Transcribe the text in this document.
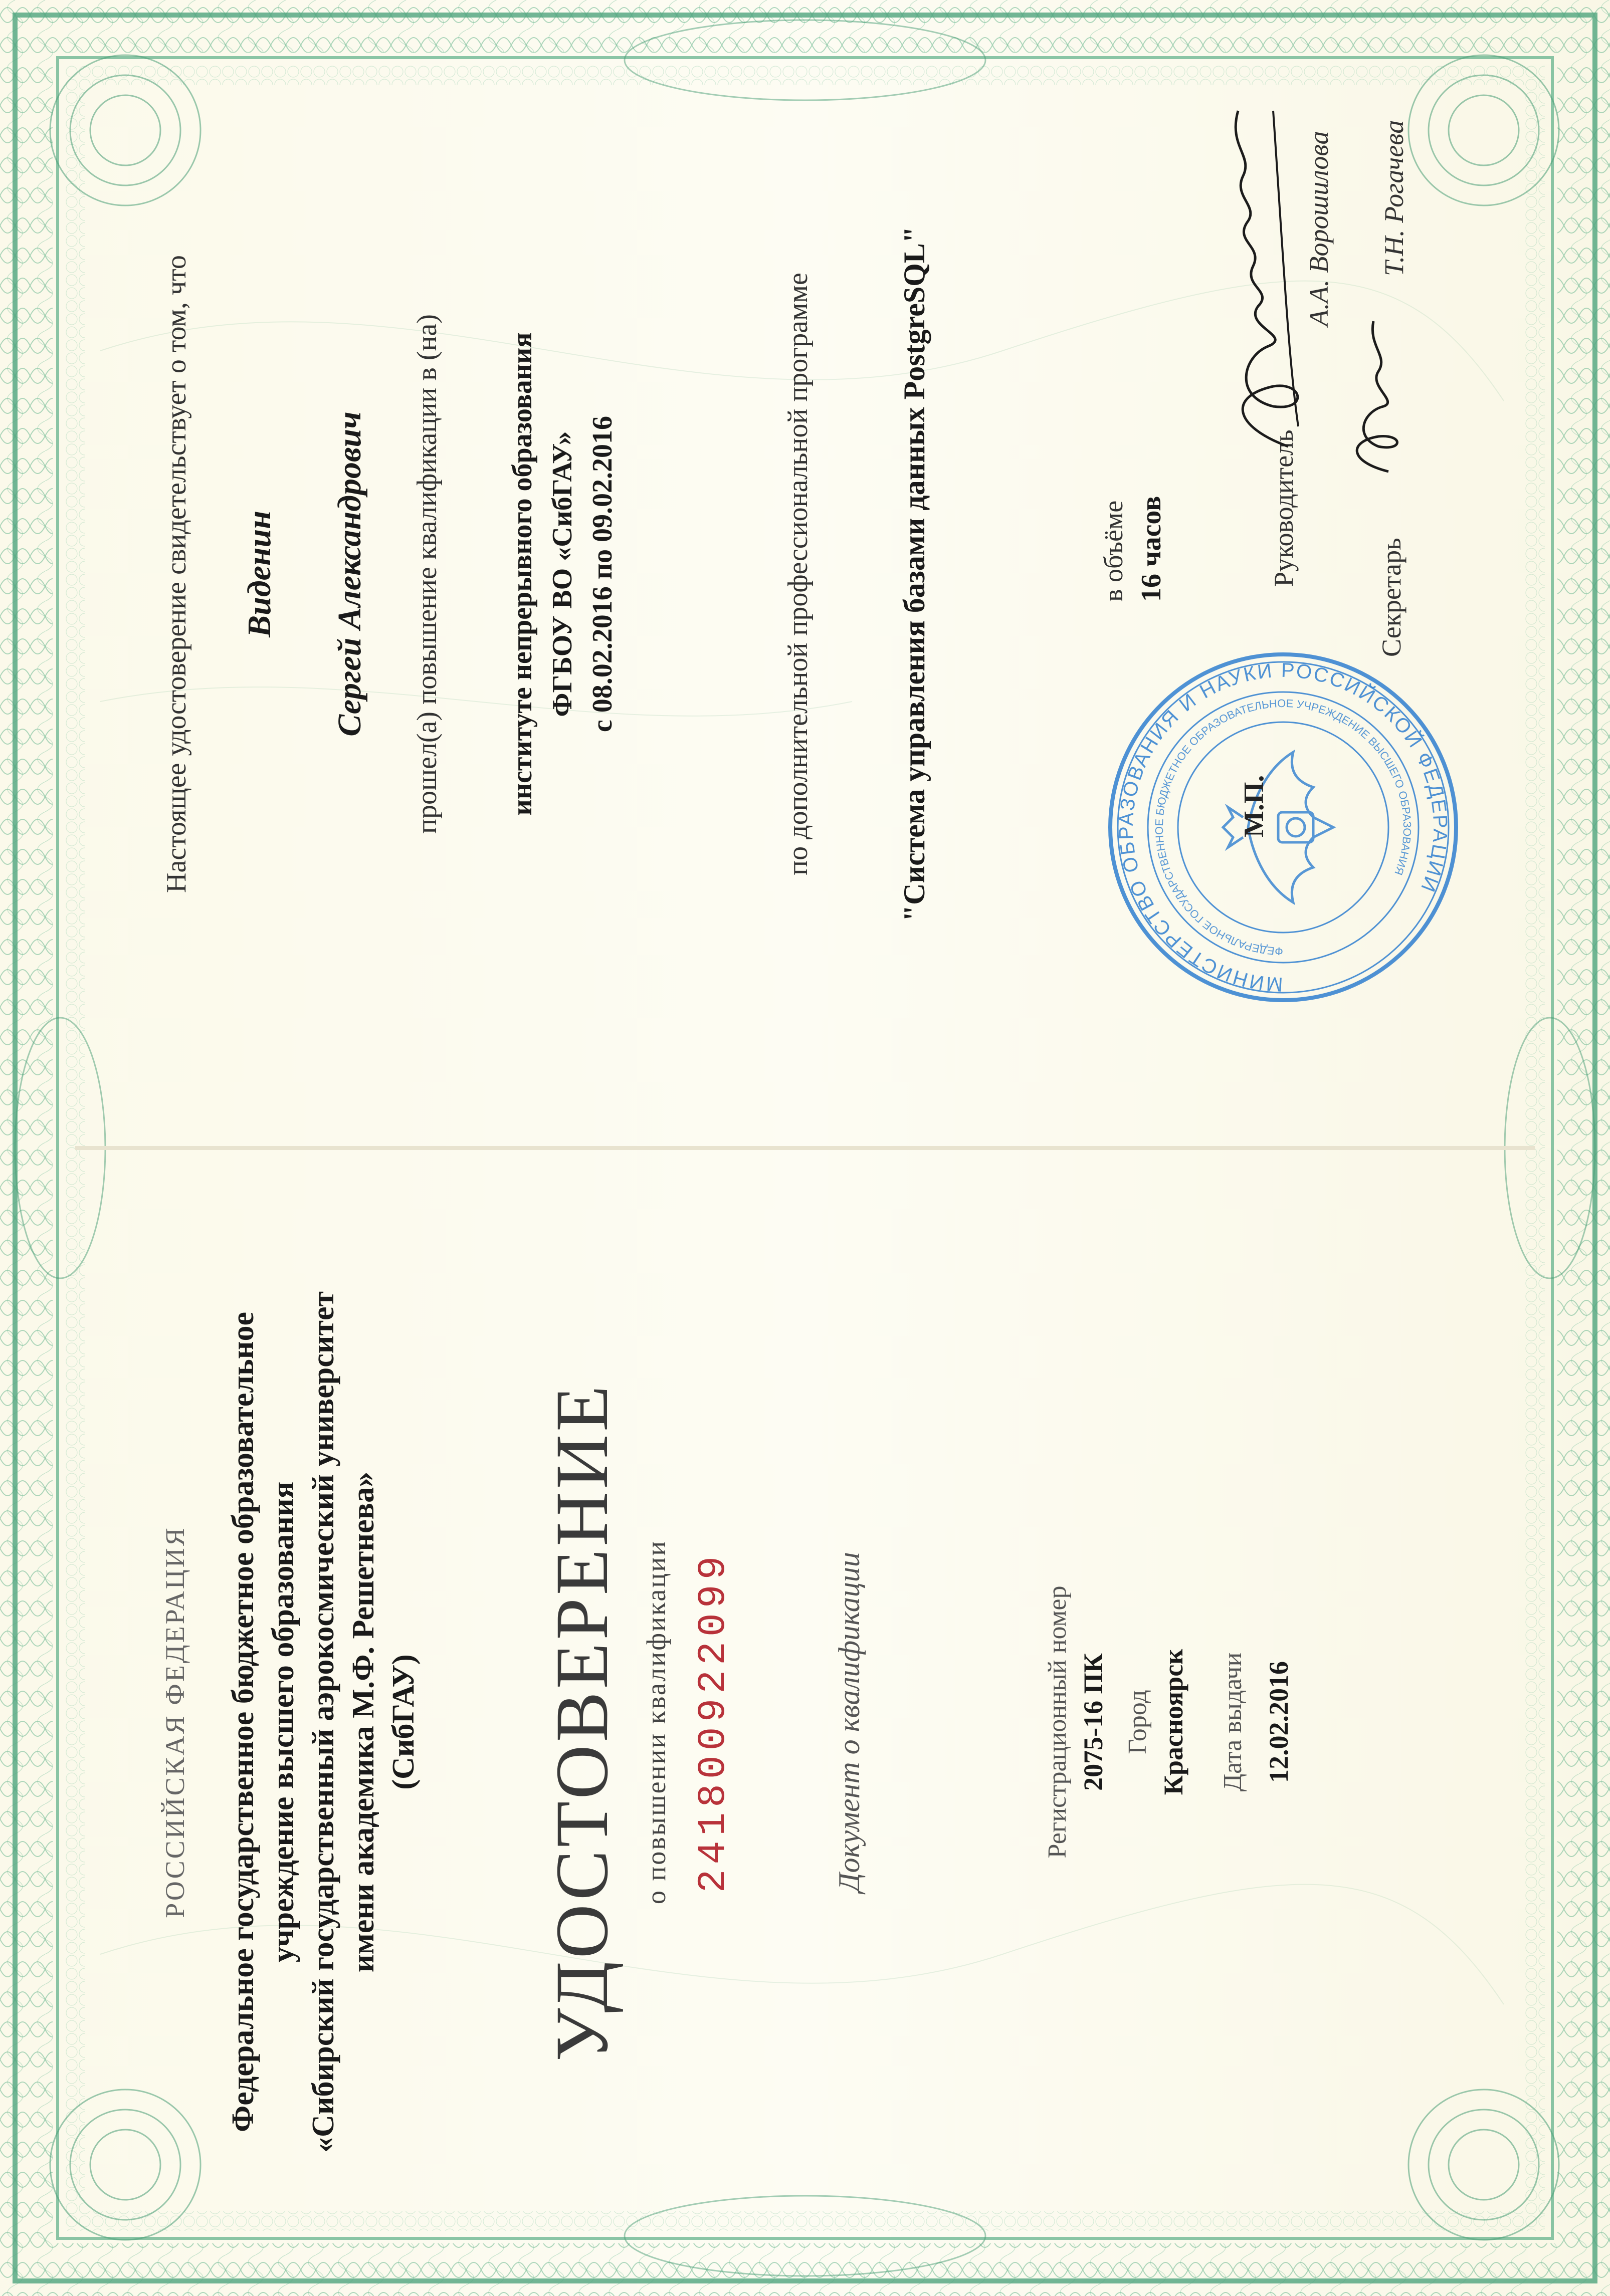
РОССИЙСКАЯ ФЕДЕРАЦИЯ Федеральное государственное бюджетное образовательное учреждение высшего образования «Сибирский государственный аэрокосмический университет имени академика М.Ф. Решетнева» (СибГАУ) УДОСТОВЕРЕНИЕ о повышении квалификации 241800922099	Документ о квалификации	Регистрационный номер 2075-16 ПК Город Красноярск Дата выдачи 12.02.2016
Настоящее удостоверение свидетельствует о том, что Виденин Сергей Александрович прошел(а) повышение квалификации в (на) институте непрерывного образования ФГБОУ ВО «СибГАУ» с 08.02.2016 по 09.02.2016	по дополнительной профессиональной программе	"Система управления базами данных PostgreSQL"	в объёме 16 часов
МИНИСТЕРСТВО ОБРАЗОВАНИЯ И НАУКИ РОССИЙСКОЙ ФЕДЕРАЦИИ
ФЕДЕРАЛЬНОЕ ГОСУДАРСТВЕННОЕ БЮДЖЕТНОЕ ОБРАЗОВАТЕЛЬНОЕ УЧРЕЖДЕНИЕ ВЫСШЕГО ОБРАЗОВАНИЯ
М.П.
Руководитель
А.А. Ворошилова
Секретарь
Т.Н. Рогачева
